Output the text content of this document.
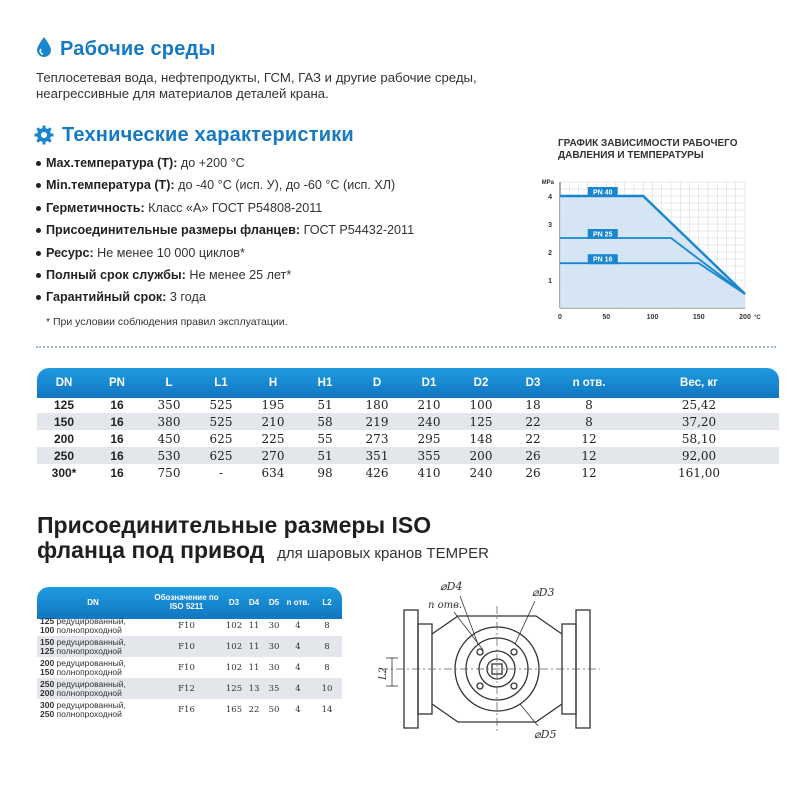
Рабочие среды
Теплосетевая вода, нефтепродукты, ГСМ, ГАЗ и другие рабочие среды,
неагрессивные для материалов деталей крана.
Технические характеристики
Max.температура (T): до +200 °С
Min.температура (T): до -40 °С (исп. У), до -60 °С (исп. ХЛ)
Герметичность: Класс «А» ГОСТ Р54808-2011
Присоединительные размеры фланцев: ГОСТ Р54432-2011
Ресурс: Не менее 10 000 циклов*
Полный срок службы: Не менее 25 лет*
Гарантийный срок: 3 года
* При условии соблюдения правил эксплуатации.
ГРАФИК ЗАВИСИМОСТИ РАБОЧЕГО
ДАВЛЕНИЯ И ТЕМПЕРАТУРЫ
0	50	100	150	200 °C
1
2
3
4
MPa
PN 40
PN 25
PN 16
DN	PN	L	L1	H	H1	D	D1	D2	D3	n отв.	Вес, кг
125	16	350	525	195	51	180	210	100	18	8	25,42
150	16	380	525	210	58	219	240	125	22	8	37,20
200	16	450	625	225	55	273	295	148	22	12	58,10
250	16	530	625	270	51	351	355	200	26	12	92,00
300*	16	750	-	634	98	426	410	240	26	12	161,00
Присоединительные размеры ISO
фланца под привод для шаровых кранов TEMPER
DN	Обозначение по ISO 5211	D3	D4	D5	n отв.	L2
125 редуцированный,
100 полнопроходной	F10	102	11	30	4	8
150 редуцированный,
125 полнопроходной	F10	102	11	30	4	8
200 редуцированный,
150 полнопроходной	F10	102	11	30	4	8
250 редуцированный,
200 полнопроходной	F12	125	13	35	4	10
300 редуцированный,
250 полнопроходной	F16	165	22	50	4	14
⌀D4
n отв.
⌀D3
⌀D5
L2
